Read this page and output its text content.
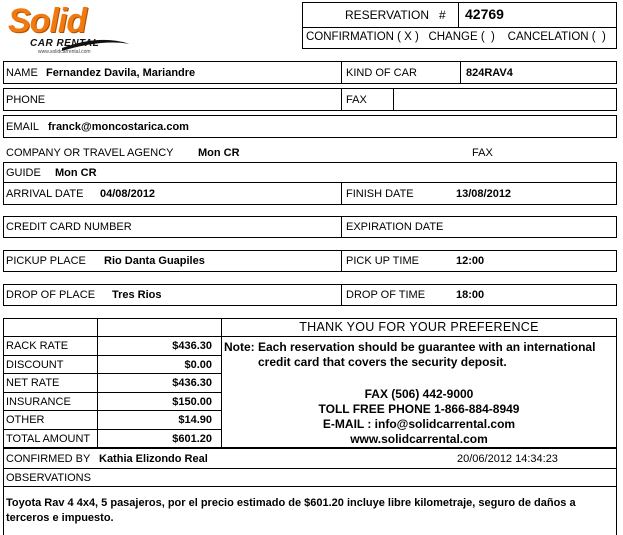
Solid
CAR RENTAL
www.solidcarrental.com
RESERVATION   # 42769
CONFIRMATION ( X )   CHANGE (  )    CANCELATION (  )
NAME Fernandez Davila, Mariandre	KIND OF CAR	824RAV4
PHONE	FAX
EMAIL franck@moncostarica.com
COMPANY OR TRAVEL AGENCY Mon CR	FAX
GUIDE Mon CR
ARRIVAL DATE 04/08/2012	FINISH DATE	13/08/2012
CREDIT CARD NUMBER	EXPIRATION DATE
PICKUP PLACE Rio Danta Guapiles	PICK UP TIME	12:00
DROP OF PLACE Tres Rios	DROP OF TIME	18:00
RACK RATE	$436.30
DISCOUNT	$0.00
NET RATE	$436.30
INSURANCE	$150.00
OTHER	$14.90
TOTAL AMOUNT	$601.20
THANK YOU FOR YOUR PREFERENCE
Note: Each reservation should be guarantee with an international
credit card that covers the security deposit.
FAX (506) 442-9000
TOLL FREE PHONE 1-866-884-8949
E-MAIL : info@solidcarrental.com
www.solidcarrental.com
CONFIRMED BY Kathia Elizondo Real	20/06/2012 14:34:23
OBSERVATIONS
Toyota Rav 4 4x4, 5 pasajeros, por el precio estimado de $601.20 incluye libre kilometraje, seguro de daños a
terceros e impuesto.
